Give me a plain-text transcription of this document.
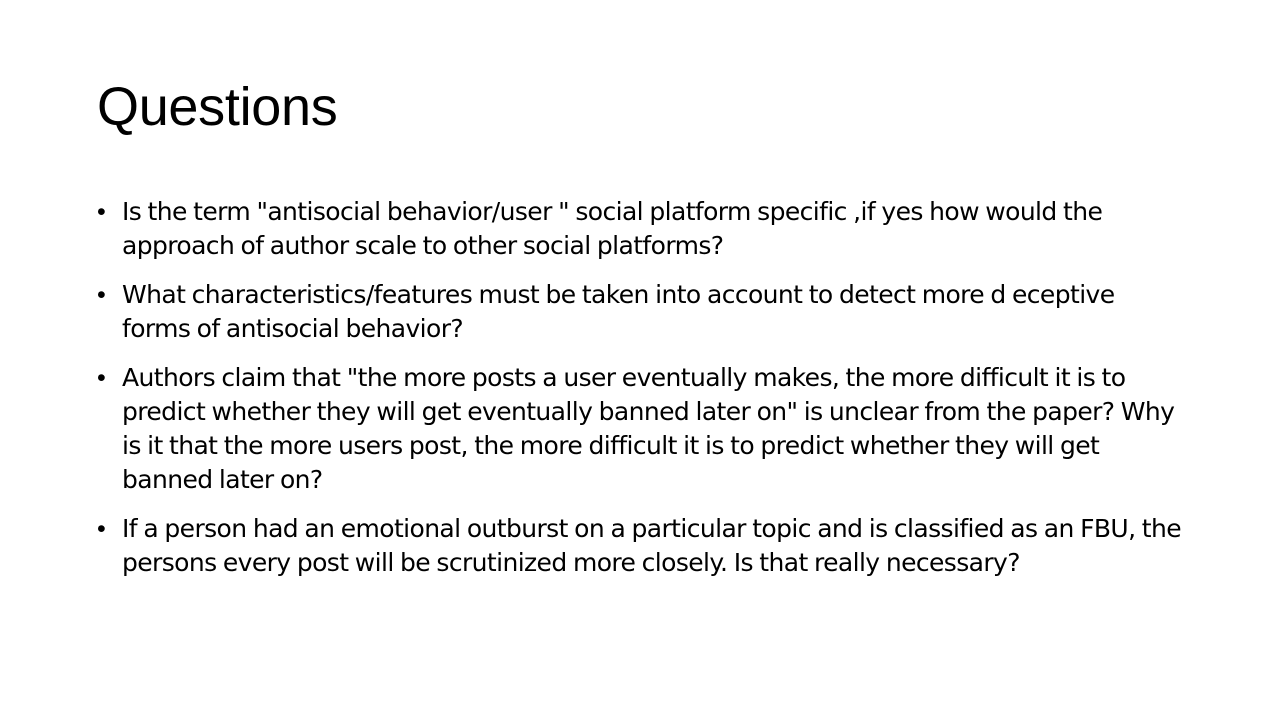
Questions
• Is the term "antisocial behavior/user " social platform specific ,if yes how would the approach of author scale to other social platforms?
• What characteristics/features must be taken into account to detect more d eceptive forms of antisocial behavior?
• Authors claim that "the more posts a user eventually makes, the more difficult it is to predict whether they will get eventually banned later on" is unclear from the paper? Why is it that the more users post, the more difficult it is to predict whether they will get banned later on?
• If a person had an emotional outburst on a particular topic and is classified as an FBU, the persons every post will be scrutinized more closely. Is that really necessary?
